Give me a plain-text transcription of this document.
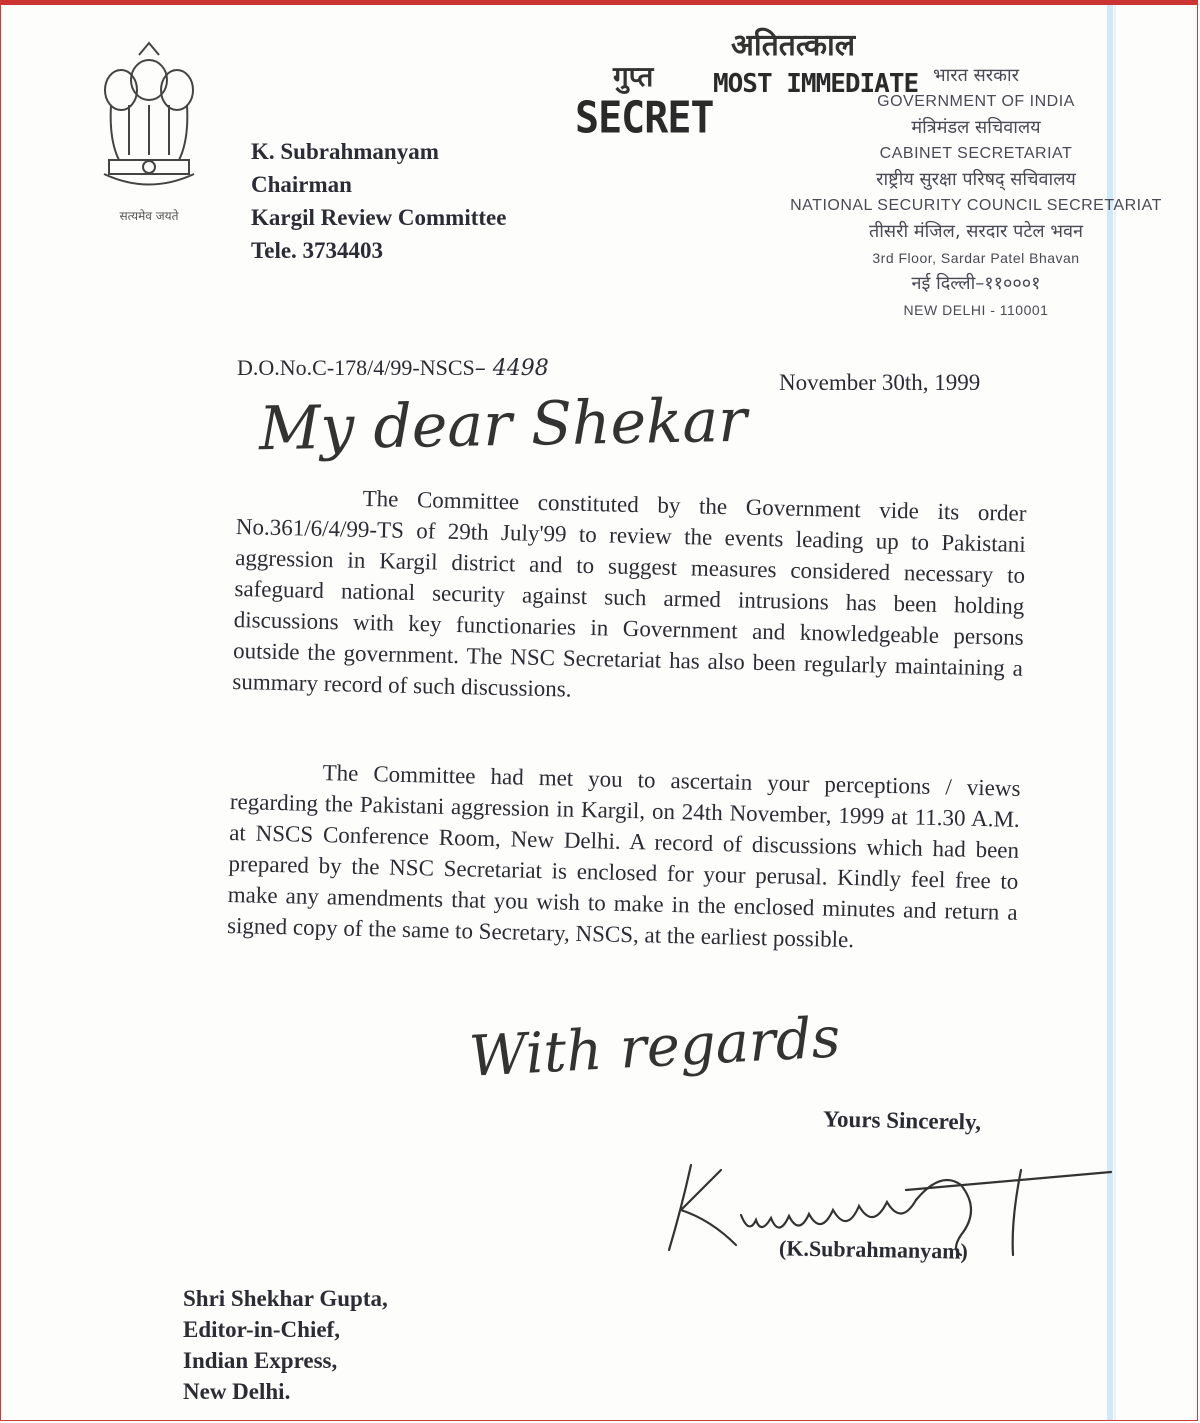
सत्यमेव जयते
K. Subrahmanyam
Chairman
Kargil Review Committee
Tele. 3734403
अतितत्काल
MOST IMMEDIATE
गुप्त
SECRET
भारत सरकार
GOVERNMENT OF INDIA
मंत्रिमंडल सचिवालय
CABINET SECRETARIAT
राष्ट्रीय सुरक्षा परिषद् सचिवालय
NATIONAL SECURITY COUNCIL SECRETARIAT
तीसरी मंजिल, सरदार पटेल भवन
3rd Floor, Sardar Patel Bhavan
नई दिल्ली–११०००१
NEW DELHI - 110001
D.O.No.C-178/4/99-NSCS– 4498
November 30th, 1999
My dear Shekar
The Committee constituted by the Government vide its order No.361/6/4/99-TS of 29th July'99 to review the events leading up to Pakistani aggression in Kargil district and to suggest measures considered necessary to safeguard national security against such armed intrusions has been holding discussions with key functionaries in Government and knowledgeable persons outside the government. The NSC Secretariat has also been regularly maintaining a summary record of such discussions.
The Committee had met you to ascertain your perceptions / views regarding the Pakistani aggression in Kargil, on 24th November, 1999 at 11.30 A.M. at NSCS Conference Room, New Delhi. A record of discussions which had been prepared by the NSC Secretariat is enclosed for your perusal. Kindly feel free to make any amendments that you wish to make in the enclosed minutes and return a signed copy of the same to Secretary, NSCS, at the earliest possible.
With regards
Yours Sincerely,
(K.Subrahmanyam)
Shri Shekhar Gupta,
Editor-in-Chief,
Indian Express,
New Delhi.
